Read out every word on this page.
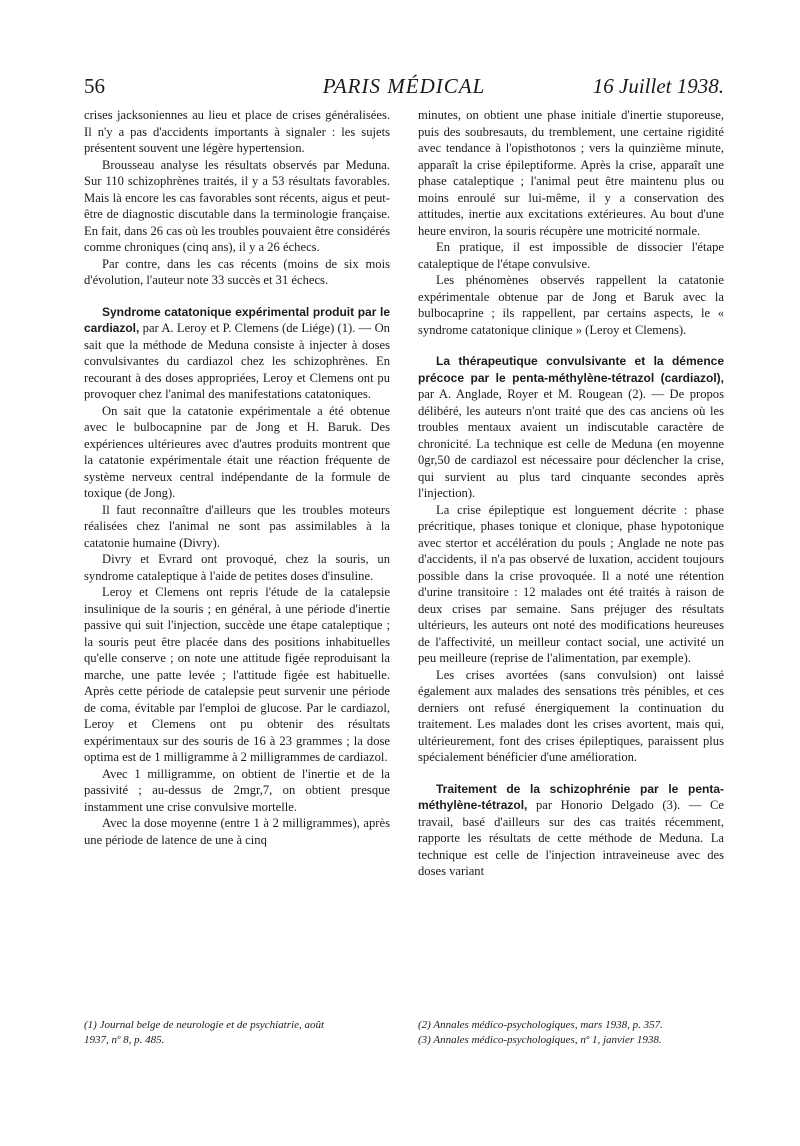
56	PARIS MÉDICAL	16 Juillet 1938.

crises jacksoniennes au lieu et place de crises généralisées. Il n'y a pas d'accidents importants à signaler : les sujets présentent souvent une légère hypertension.

Brousseau analyse les résultats observés par Meduna. Sur 110 schizophrènes traités, il y a 53 résultats favorables. Mais là encore les cas favorables sont récents, aigus et peut-être de diagnostic discutable dans la terminologie française. En fait, dans 26 cas où les troubles pouvaient être considérés comme chroniques (cinq ans), il y a 26 échecs.

Par contre, dans les cas récents (moins de six mois d'évolution, l'auteur note 33 succès et 31 échecs.

Syndrome catatonique expérimental produit par le cardiazol, par A. Leroy et P. Clemens (de Liége) (1). — On sait que la méthode de Meduna consiste à injecter à doses convulsivantes du cardiazol chez les schizophrènes. En recourant à des doses appropriées, Leroy et Clemens ont pu provoquer chez l'animal des manifestations catatoniques.

On sait que la catatonie expérimentale a été obtenue avec le bulbocapnine par de Jong et H. Baruk. Des expériences ultérieures avec d'autres produits montrent que la catatonie expérimentale était une réaction fréquente de système nerveux central indépendante de la formule de toxique (de Jong).

Il faut reconnaître d'ailleurs que les troubles moteurs réalisées chez l'animal ne sont pas assimilables à la catatonie humaine (Divry).

Divry et Evrard ont provoqué, chez la souris, un syndrome cataleptique à l'aide de petites doses d'insuline.

Leroy et Clemens ont repris l'étude de la catalepsie insulinique de la souris ; en général, à une période d'inertie passive qui suit l'injection, succède une étape cataleptique ; la souris peut être placée dans des positions inhabituelles qu'elle conserve ; on note une attitude figée reproduisant la marche, une patte levée ; l'attitude figée est habituelle. Après cette période de catalepsie peut survenir une période de coma, évitable par l'emploi de glucose. Par le cardiazol, Leroy et Clemens ont pu obtenir des résultats expérimentaux sur des souris de 16 à 23 grammes ; la dose optima est de 1 milligramme à 2 milligrammes de cardiazol.

Avec 1 milligramme, on obtient de l'inertie et de la passivité ; au-dessus de 2mgr,7, on obtient presque instamment une crise convulsive mortelle.

Avec la dose moyenne (entre 1 à 2 milligrammes), après une période de latence de une à cinq

minutes, on obtient une phase initiale d'inertie stuporeuse, puis des soubresauts, du tremblement, une certaine rigidité avec tendance à l'opisthotonos ; vers la quinzième minute, apparaît la crise épileptiforme. Après la crise, apparaît une phase cataleptique ; l'animal peut être maintenu plus ou moins enroulé sur lui-même, il y a conservation des attitudes, inertie aux excitations extérieures. Au bout d'une heure environ, la souris récupère une motricité normale.

En pratique, il est impossible de dissocier l'étape cataleptique de l'étape convulsive.

Les phénomènes observés rappellent la catatonie expérimentale obtenue par de Jong et Baruk avec la bulbocaprine ; ils rappellent, par certains aspects, le « syndrome catatonique clinique » (Leroy et Clemens).

La thérapeutique convulsivante et la démence précoce par le penta-méthylène-tétrazol (cardiazol), par A. Anglade, Royer et M. Rougean (2). — De propos délibéré, les auteurs n'ont traité que des cas anciens où les troubles mentaux avaient un indiscutable caractère de chronicité. La technique est celle de Meduna (en moyenne 0gr,50 de cardiazol est nécessaire pour déclencher la crise, qui survient au plus tard cinquante secondes après l'injection).

La crise épileptique est longuement décrite : phase précritique, phases tonique et clonique, phase hypotonique avec stertor et accélération du pouls ; Anglade ne note pas d'accidents, il n'a pas observé de luxation, accident toujours possible dans la crise provoquée. Il a noté une rétention d'urine transitoire : 12 malades ont été traités à raison de deux crises par semaine. Sans préjuger des résultats ultérieurs, les auteurs ont noté des modifications heureuses de l'affectivité, un meilleur contact social, une activité un peu meilleure (reprise de l'alimentation, par exemple).

Les crises avortées (sans convulsion) ont laissé également aux malades des sensations très pénibles, et ces derniers ont refusé énergiquement la continuation du traitement. Les malades dont les crises avortent, mais qui, ultérieurement, font des crises épileptiques, paraissent plus spécialement bénéficier d'une amélioration.

Traitement de la schizophrénie par le penta-méthylène-tétrazol, par Honorio Delgado (3). — Ce travail, basé d'ailleurs sur des cas traités récemment, rapporte les résultats de cette méthode de Meduna. La technique est celle de l'injection intraveineuse avec des doses variant

(1) Journal belge de neurologie et de psychiatrie, août
1937, nº 8, p. 485.
(2) Annales médico-psychologiques, mars 1938, p. 357.
(3) Annales médico-psychologiques, nº 1, janvier 1938.
